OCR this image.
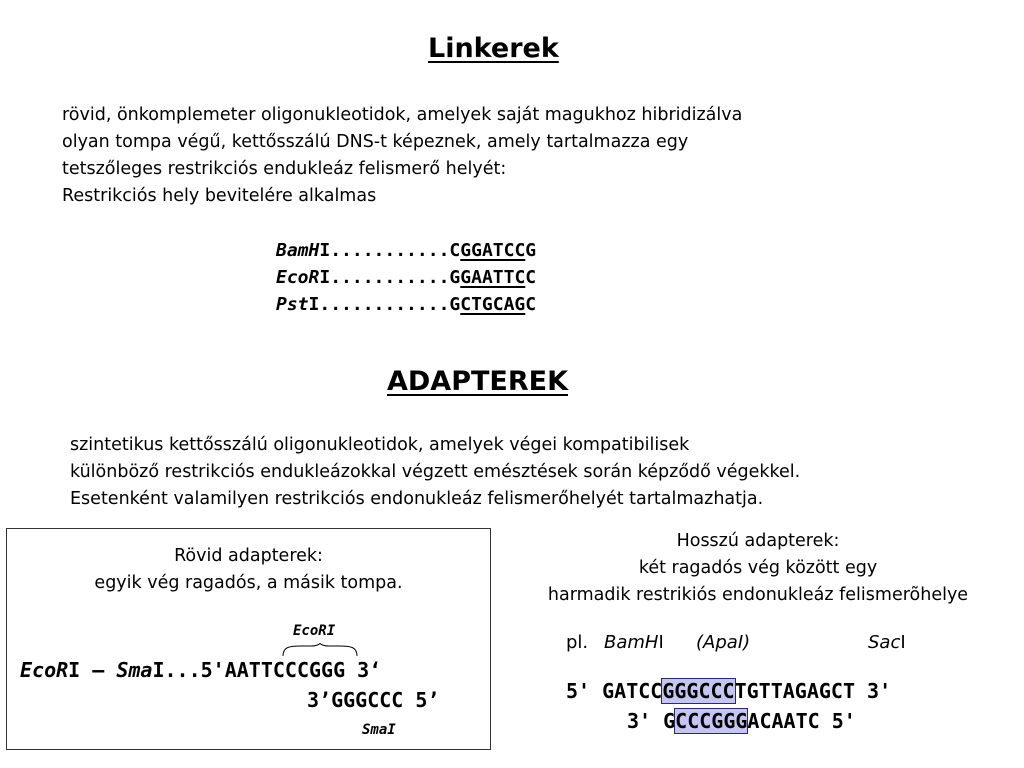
Linkerek
rövid, önkomplemeter oligonukleotidok, amelyek saját magukhoz hibridizálva
olyan tompa végű, kettősszálú DNS-t képeznek, amely tartalmazza egy
tetszőleges restrikciós endukleáz felismerő helyét:
Restrikciós hely bevitelére alkalmas
BamHI...........CGGATCCG
EcoRI...........GGAATTCC
PstI............GCTGCAGC
ADAPTEREK
szintetikus kettősszálú oligonukleotidok, amelyek végei kompatibilisek
különböző restrikciós endukleázokkal végzett emésztések során képződő végekkel.
Esetenként valamilyen restrikciós endonukleáz felismerőhelyét tartalmazhatja.
Rövid adapterek:
egyik vég ragadós, a másik tompa.
EcoRI
EcoRI – SmaI...5'AATTCCCGGG 3‘
3’GGGCCC 5’
SmaI
Hosszú adapterek:
két ragadós vég között egy
harmadik restrikiós endonukleáz felismerõhelye
pl. BamHI (ApaI)	SacI
5' GATCCGGGCCCTGTTAGAGCT 3'
3' GCCCGGGACAATC 5'
